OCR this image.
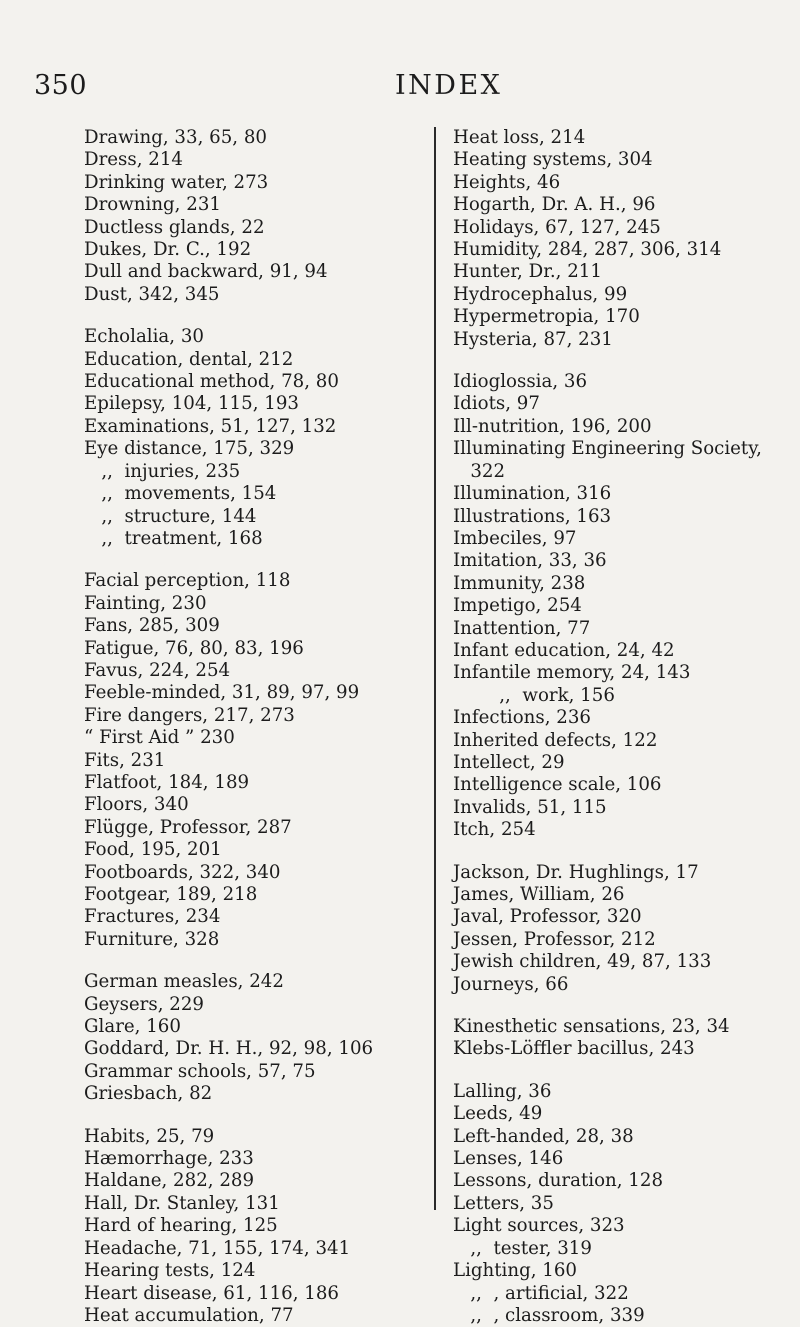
350	INDEX
Drawing, 33, 65, 80
Dress, 214
Drinking water, 273
Drowning, 231
Ductless glands, 22
Dukes, Dr. C., 192
Dull and backward, 91, 94
Dust, 342, 345
Echolalia, 30
Education, dental, 212
Educational method, 78, 80
Epilepsy, 104, 115, 193
Examinations, 51, 127, 132
Eye distance, 175, 329
,,  injuries, 235
,,  movements, 154
,,  structure, 144
,,  treatment, 168
Facial perception, 118
Fainting, 230
Fans, 285, 309
Fatigue, 76, 80, 83, 196
Favus, 224, 254
Feeble-minded, 31, 89, 97, 99
Fire dangers, 217, 273
“ First Aid ” 230
Fits, 231
Flatfoot, 184, 189
Floors, 340
Flügge, Professor, 287
Food, 195, 201
Footboards, 322, 340
Footgear, 189, 218
Fractures, 234
Furniture, 328
German measles, 242
Geysers, 229
Glare, 160
Goddard, Dr. H. H., 92, 98, 106
Grammar schools, 57, 75
Griesbach, 82
Habits, 25, 79
Hæmorrhage, 233
Haldane, 282, 289
Hall, Dr. Stanley, 131
Hard of hearing, 125
Headache, 71, 155, 174, 341
Hearing tests, 124
Heart disease, 61, 116, 186
Heat accumulation, 77
Heat loss, 214
Heating systems, 304
Heights, 46
Hogarth, Dr. A. H., 96
Holidays, 67, 127, 245
Humidity, 284, 287, 306, 314
Hunter, Dr., 211
Hydrocephalus, 99
Hypermetropia, 170
Hysteria, 87, 231
Idioglossia, 36
Idiots, 97
Ill-nutrition, 196, 200
Illuminating Engineering Society,
322
Illumination, 316
Illustrations, 163
Imbeciles, 97
Imitation, 33, 36
Immunity, 238
Impetigo, 254
Inattention, 77
Infant education, 24, 42
Infantile memory, 24, 143
,,  work, 156
Infections, 236
Inherited defects, 122
Intellect, 29
Intelligence scale, 106
Invalids, 51, 115
Itch, 254
Jackson, Dr. Hughlings, 17
James, William, 26
Javal, Professor, 320
Jessen, Professor, 212
Jewish children, 49, 87, 133
Journeys, 66
Kinesthetic sensations, 23, 34
Klebs-Löffler bacillus, 243
Lalling, 36
Leeds, 49
Left-handed, 28, 38
Lenses, 146
Lessons, duration, 128
Letters, 35
Light sources, 323
,,  tester, 319
Lighting, 160
,,  , artificial, 322
,,  , classroom, 339
